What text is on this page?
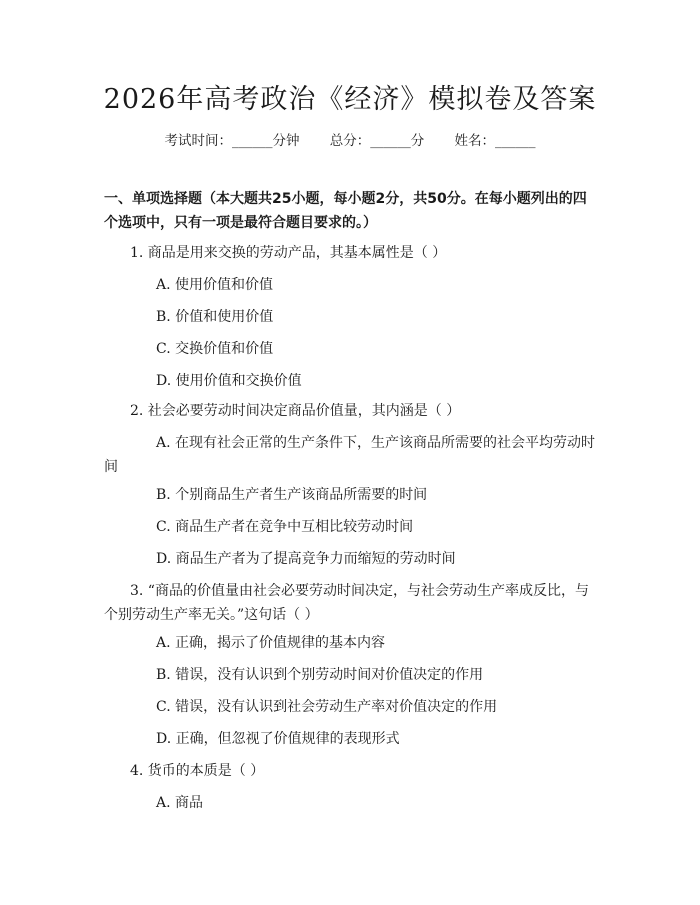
2026年高考政治《经济》模拟卷及答案
考试时间：______分钟 总分：______分 姓名：______
一、单项选择题（本大题共25小题，每小题2分，共50分。在每小题列出的四个选项中，只有一项是最符合题目要求的。）
1. 商品是用来交换的劳动产品，其基本属性是（ ）
A. 使用价值和价值
B. 价值和使用价值
C. 交换价值和价值
D. 使用价值和交换价值
2. 社会必要劳动时间决定商品价值量，其内涵是（ ）
A. 在现有社会正常的生产条件下，生产该商品所需要的社会平均劳动时间
B. 个别商品生产者生产该商品所需要的时间
C. 商品生产者在竞争中互相比较劳动时间
D. 商品生产者为了提高竞争力而缩短的劳动时间
3. “商品的价值量由社会必要劳动时间决定，与社会劳动生产率成反比，与个别劳动生产率无关。”这句话（ ）
A. 正确，揭示了价值规律的基本内容
B. 错误，没有认识到个别劳动时间对价值决定的作用
C. 错误，没有认识到社会劳动生产率对价值决定的作用
D. 正确，但忽视了价值规律的表现形式
4. 货币的本质是（ ）
A. 商品
